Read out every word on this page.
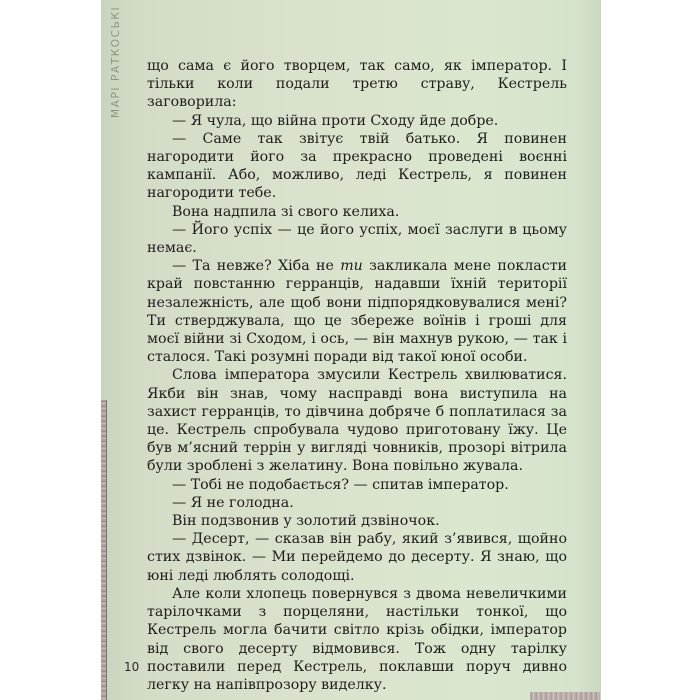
МАРІ РАТКОСЬКІ що сама є його творцем, так само, як імператор. І тільки коли подали третю страву, Кестрель заговорила:

— Я чула, що війна проти Сходу йде добре.

— Саме так звітує твій батько. Я повинен нагородити його за прекрасно проведені воєнні кампанії. Або, можливо, леді Кестрель, я повинен нагородити тебе.

Вона надпила зі свого келиха.

— Його успіх — це його успіх, моєї заслуги в цьому немає.

— Та невже? Хіба не ти закликала мене покласти край повстанню герранців, надавши їхній території незалежність, але щоб вони підпорядковувалися мені? Ти стверджувала, що це збереже воїнів і гроші для моєї війни зі Сходом, і ось, — він махнув рукою, — так і сталося. Такі розумні поради від такої юної особи.

Слова імператора змусили Кестрель хвилюватися. Якби він знав, чому насправді вона виступила на захист герранців, то дівчина добряче б поплатилася за це. Кестрель спробувала чудово приготовану їжу. Це був м’ясний террін у вигляді човників, прозорі вітрила були зроблені з желатину. Вона повільно жувала.

— Тобі не подобається? — спитав імператор.

— Я не голодна.

Він подзвонив у золотий дзвіночок.

— Десерт, — сказав він рабу, який з’явився, щойно стих дзвінок. — Ми перейдемо до десерту. Я знаю, що юні леді люблять солодощі.

Але коли хлопець повернувся з двома невеличкими тарілочками з порцеляни, настільки тонкої, що Кестрель могла бачити світло крізь обідки, імператор від свого десерту відмовився. Тож одну тарілку поставили перед Кестрель, поклавши поруч дивно легку на напівпрозору виделку.

10
